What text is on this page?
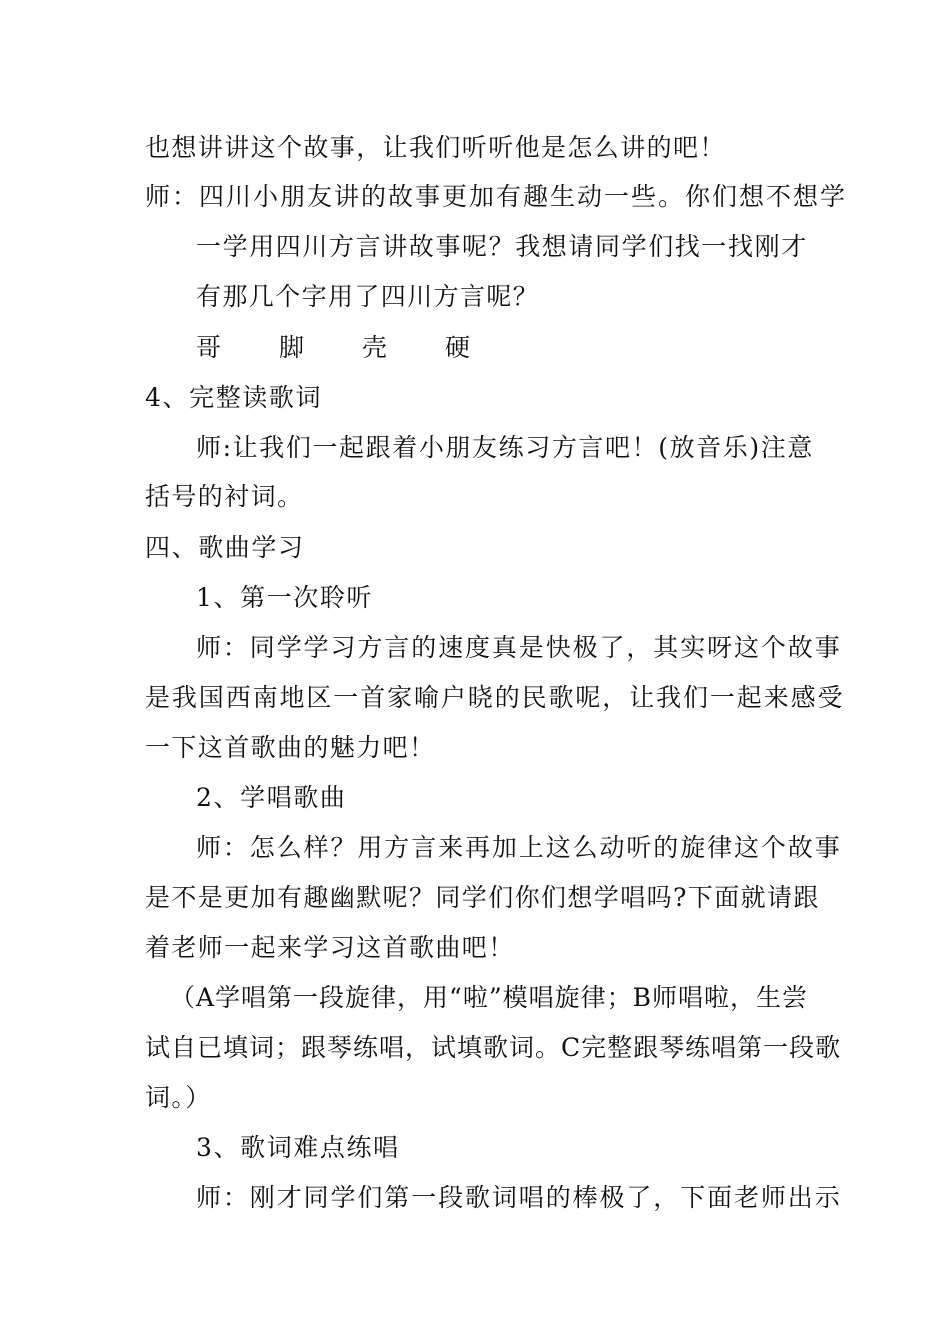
也想讲讲这个故事，让我们听听他是怎么讲的吧！
师：四川小朋友讲的故事更加有趣生动一些。你们想不想学
一学用四川方言讲故事呢？我想请同学们找一找刚才
有那几个字用了四川方言呢？
哥 脚 壳 硬
4、完整读歌词
师:让我们一起跟着小朋友练习方言吧！(放音乐)注意
括号的衬词。
四、歌曲学习
1、第一次聆听
师：同学学习方言的速度真是快极了，其实呀这个故事
是我国西南地区一首家喻户晓的民歌呢，让我们一起来感受
一下这首歌曲的魅力吧！
2、学唱歌曲
师：怎么样？用方言来再加上这么动听的旋律这个故事
是不是更加有趣幽默呢？同学们你们想学唱吗?下面就请跟
着老师一起来学习这首歌曲吧！
（A学唱第一段旋律，用“啦”模唱旋律；B师唱啦，生尝
试自已填词；跟琴练唱，试填歌词。C完整跟琴练唱第一段歌
词。）
3、歌词难点练唱
师：刚才同学们第一段歌词唱的棒极了，下面老师出示
